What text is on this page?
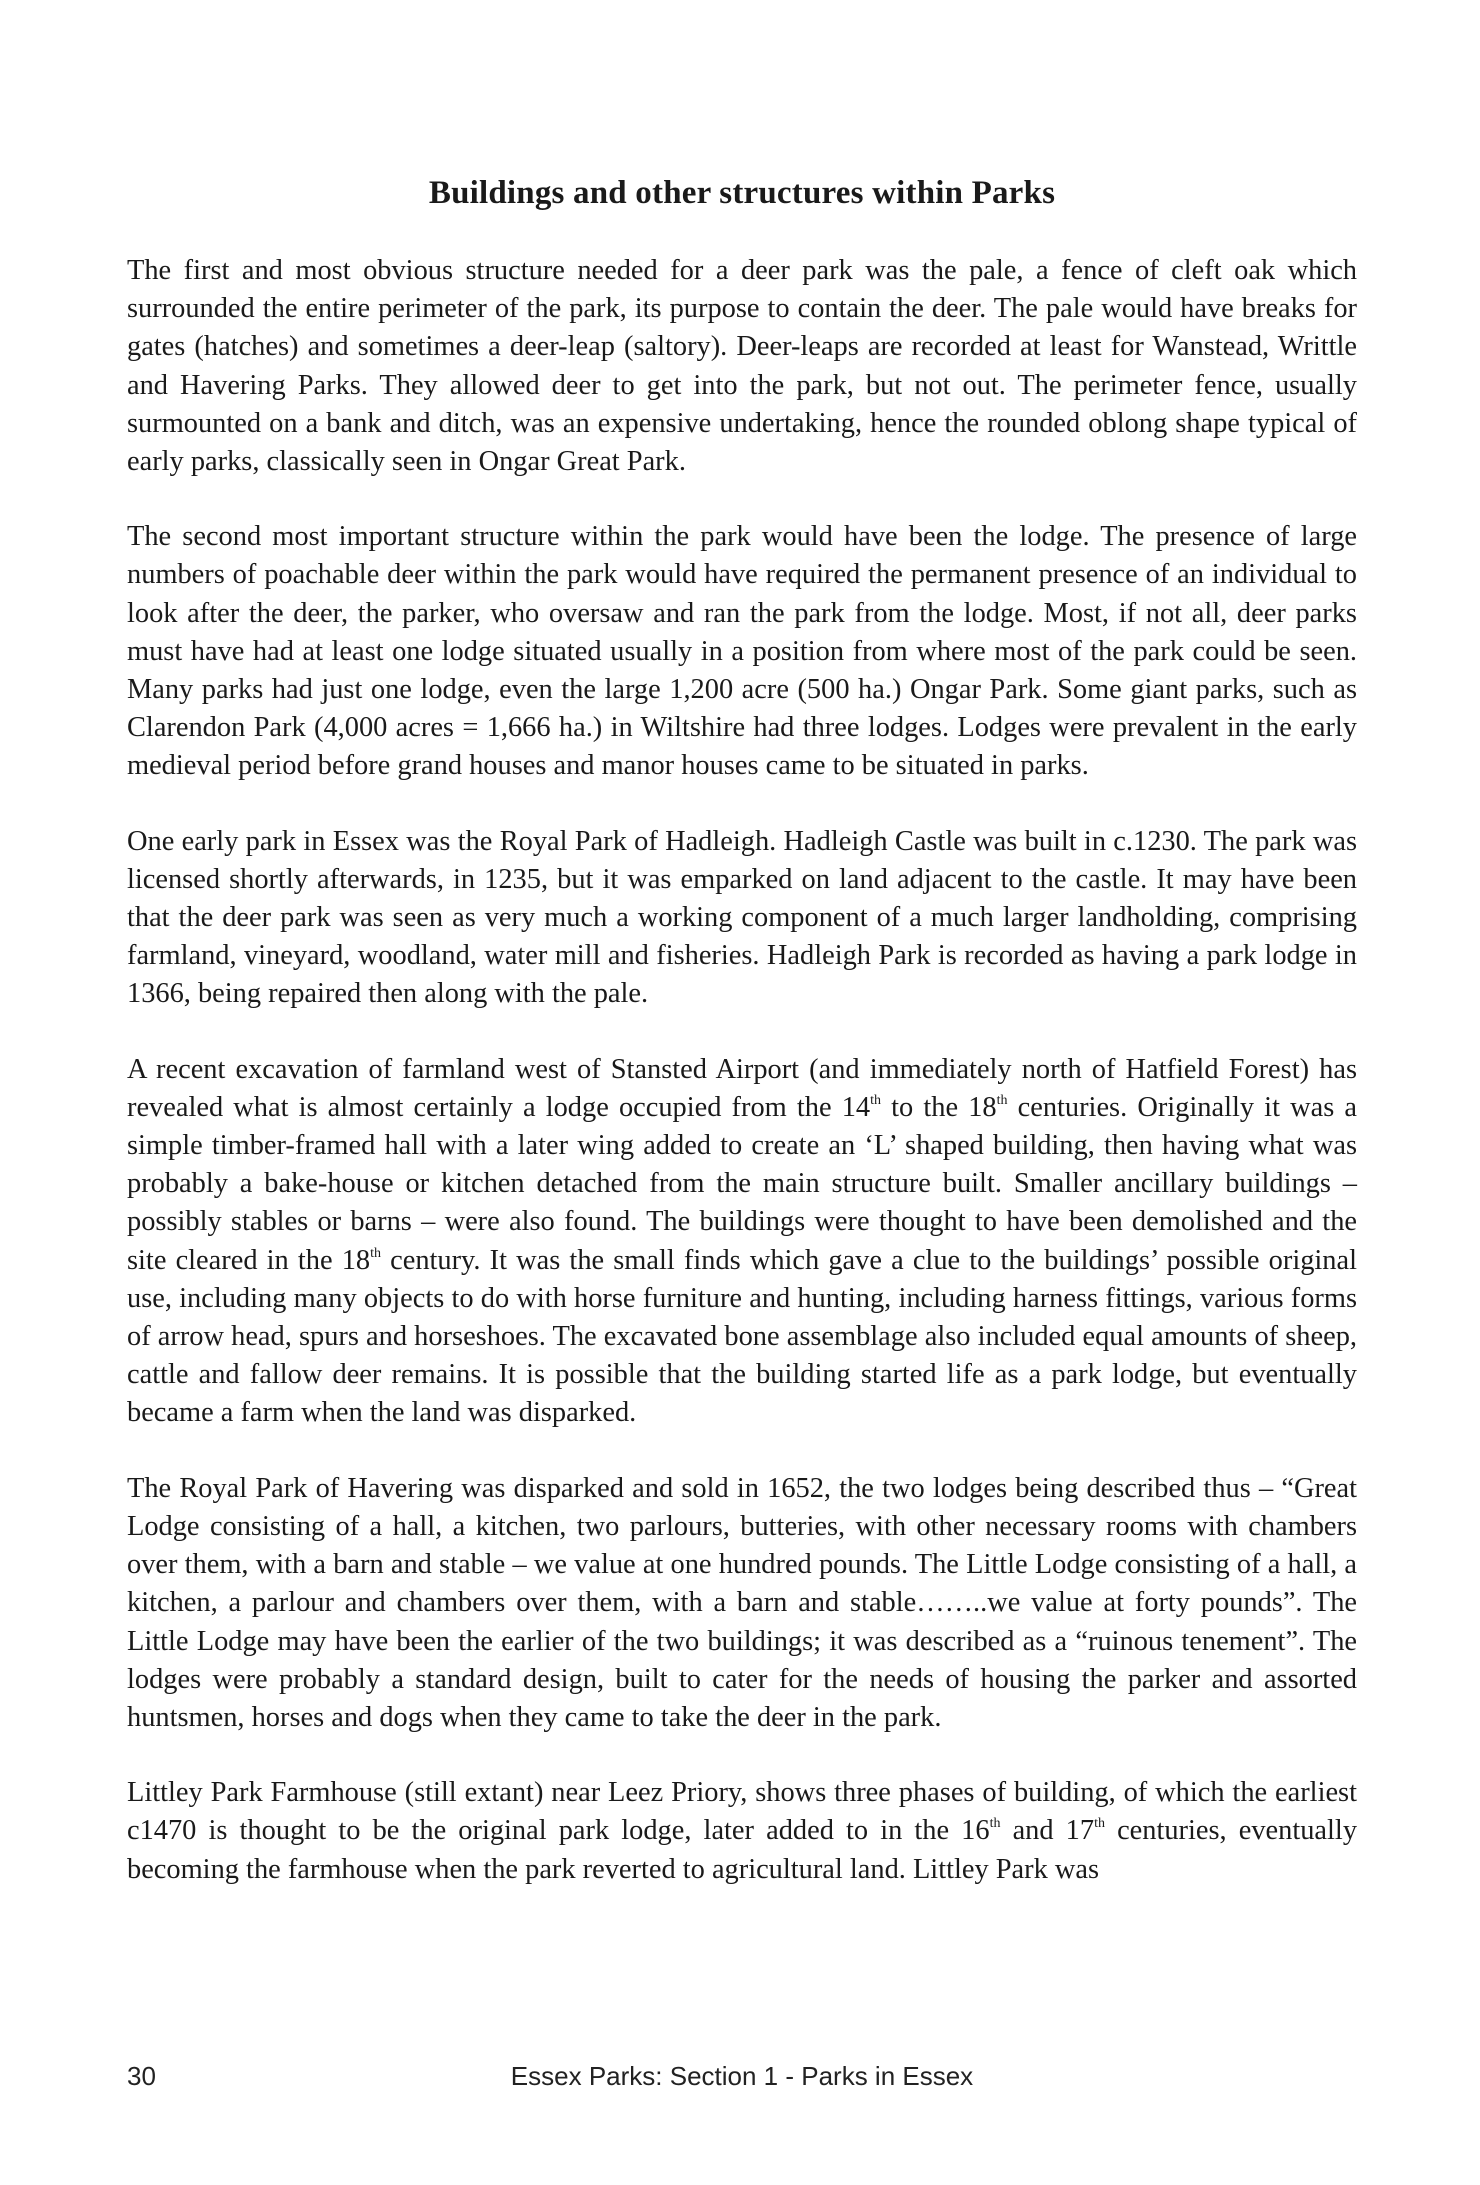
Buildings and other structures within Parks

The first and most obvious structure needed for a deer park was the pale, a fence of cleft oak which surrounded the entire perimeter of the park, its purpose to contain the deer. The pale would have breaks for gates (hatches) and sometimes a deer-leap (saltory). Deer-leaps are recorded at least for Wanstead, Writtle and Havering Parks. They allowed deer to get into the park, but not out. The perimeter fence, usually surmounted on a bank and ditch, was an expensive undertaking, hence the rounded oblong shape typical of early parks, classically seen in Ongar Great Park.

The second most important structure within the park would have been the lodge. The presence of large numbers of poachable deer within the park would have required the permanent presence of an individual to look after the deer, the parker, who oversaw and ran the park from the lodge. Most, if not all, deer parks must have had at least one lodge situated usually in a position from where most of the park could be seen. Many parks had just one lodge, even the large 1,200 acre (500 ha.) Ongar Park. Some giant parks, such as Clarendon Park (4,000 acres = 1,666 ha.) in Wiltshire had three lodges. Lodges were prevalent in the early medieval period before grand houses and manor houses came to be situated in parks.

One early park in Essex was the Royal Park of Hadleigh. Hadleigh Castle was built in c.1230. The park was licensed shortly afterwards, in 1235, but it was emparked on land adjacent to the castle. It may have been that the deer park was seen as very much a working component of a much larger landholding, comprising farmland, vineyard, woodland, water mill and fisheries. Hadleigh Park is recorded as having a park lodge in 1366, being repaired then along with the pale.

A recent excavation of farmland west of Stansted Airport (and immediately north of Hatfield Forest) has revealed what is almost certainly a lodge occupied from the 14th to the 18th centuries. Originally it was a simple timber-framed hall with a later wing added to create an ‘L’ shaped building, then having what was probably a bake-house or kitchen detached from the main structure built. Smaller ancillary buildings – possibly stables or barns – were also found. The buildings were thought to have been demolished and the site cleared in the 18th century. It was the small finds which gave a clue to the buildings’ possible original use, including many objects to do with horse furniture and hunting, including harness fittings, various forms of arrow head, spurs and horseshoes. The excavated bone assemblage also included equal amounts of sheep, cattle and fallow deer remains. It is possible that the building started life as a park lodge, but eventually became a farm when the land was disparked.

The Royal Park of Havering was disparked and sold in 1652, the two lodges being described thus – “Great Lodge consisting of a hall, a kitchen, two parlours, butteries, with other necessary rooms with chambers over them, with a barn and stable – we value at one hundred pounds. The Little Lodge consisting of a hall, a kitchen, a parlour and chambers over them, with a barn and stable……..we value at forty pounds”. The Little Lodge may have been the earlier of the two buildings; it was described as a “ruinous tenement”. The lodges were probably a standard design, built to cater for the needs of housing the parker and assorted huntsmen, horses and dogs when they came to take the deer in the park.

Littley Park Farmhouse (still extant) near Leez Priory, shows three phases of building, of which the earliest c1470 is thought to be the original park lodge, later added to in the 16th and 17th centuries, eventually becoming the farmhouse when the park reverted to agricultural land. Littley Park was

30	Essex Parks: Section 1 - Parks in Essex
